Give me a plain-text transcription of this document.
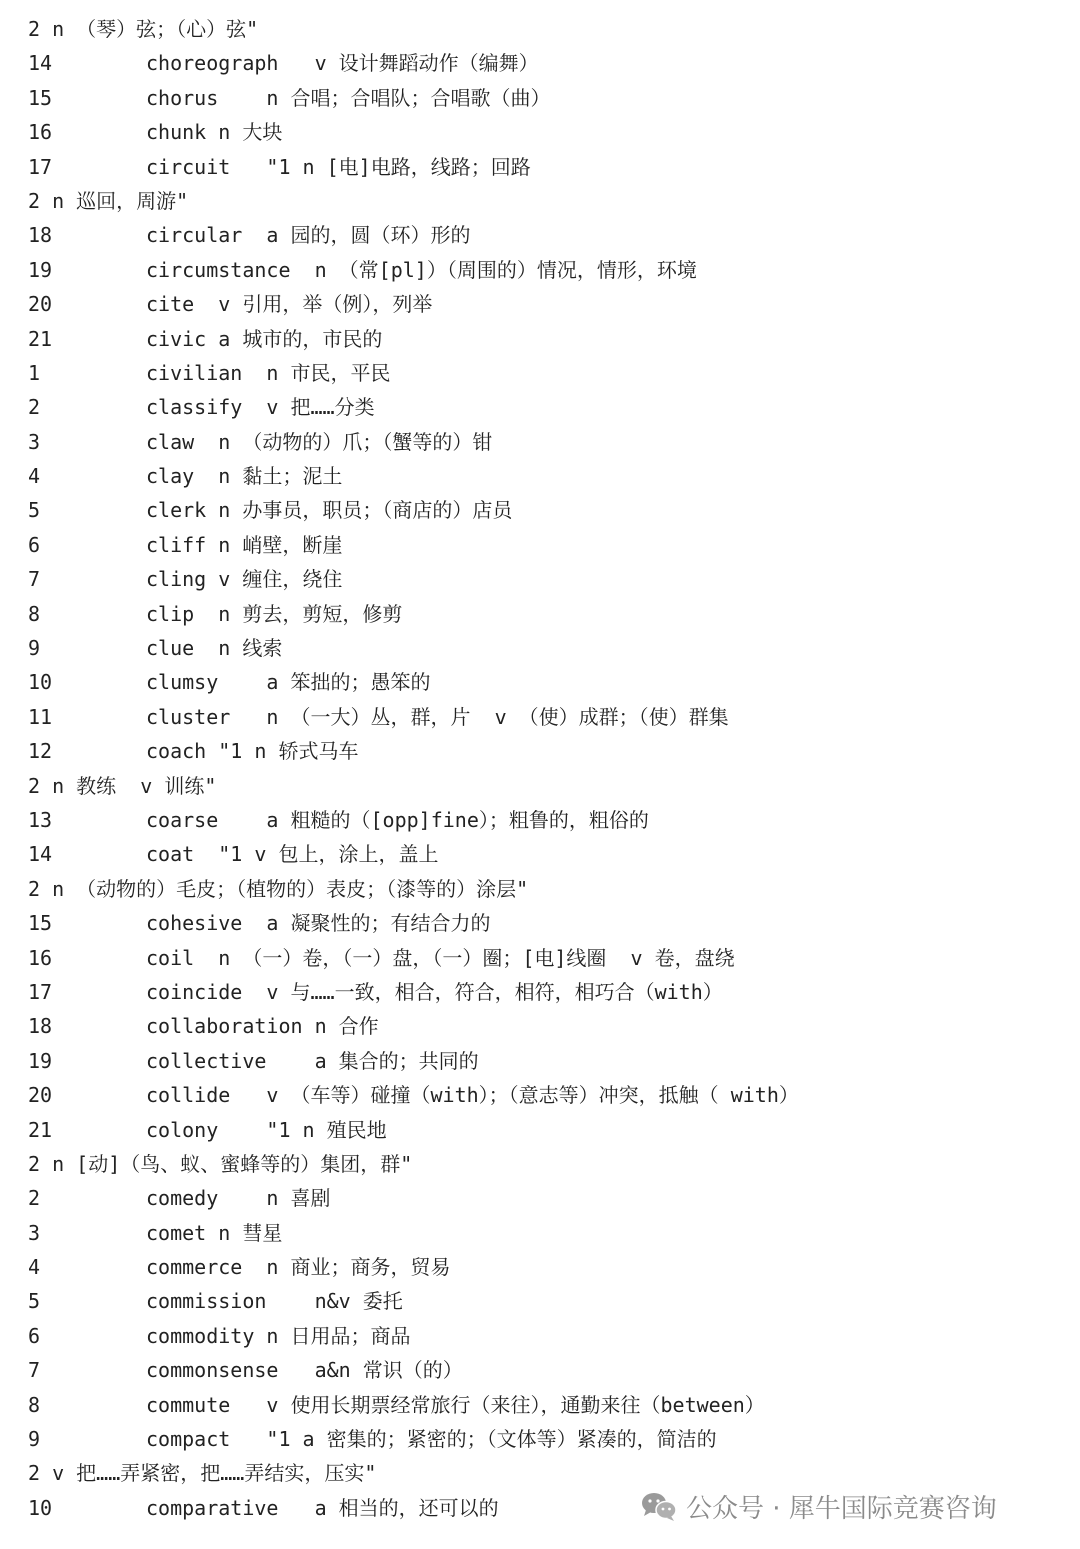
2 n （琴）弦；（心）弦"
14	choreograph   v 设计舞蹈动作（编舞）
15	chorus    n 合唱；合唱队；合唱歌（曲）
16	chunk n 大块
17	circuit   "1 n [电]电路，线路；回路
2 n 巡回，周游"
18	circular  a 园的，圆（环）形的
19	circumstance  n （常[pl]）（周围的）情况，情形，环境
20	cite  v 引用，举（例），列举
21	civic a 城市的，市民的
1	civilian  n 市民，平民
2	classify  v 把……分类
3	claw  n （动物的）爪；（蟹等的）钳
4	clay  n 黏土；泥土
5	clerk n 办事员，职员；（商店的）店员
6	cliff n 峭壁，断崖
7	cling v 缠住，绕住
8	clip  n 剪去，剪短，修剪
9	clue  n 线索
10	clumsy    a 笨拙的；愚笨的
11	cluster   n （一大）丛，群，片  v （使）成群；（使）群集
12	coach "1 n 轿式马车
2 n 教练  v 训练"
13	coarse    a 粗糙的（[opp]fine）；粗鲁的，粗俗的
14	coat  "1 v 包上，涂上，盖上
2 n （动物的）毛皮；（植物的）表皮；（漆等的）涂层"
15	cohesive  a 凝聚性的；有结合力的
16	coil  n （一）卷，（一）盘，（一）圈；[电]线圈  v 卷，盘绕
17	coincide  v 与……一致，相合，符合，相符，相巧合（with）
18	collaboration n 合作
19	collective    a 集合的；共同的
20	collide   v （车等）碰撞（with）；（意志等）冲突，抵触（ with）
21	colony    "1 n 殖民地
2 n [动]（鸟、蚁、蜜蜂等的）集团，群"
2	comedy    n 喜剧
3	comet n 彗星
4	commerce  n 商业；商务，贸易
5	commission    n&v 委托
6	commodity n 日用品；商品
7	commonsense   a&n 常识（的）
8	commute   v 使用长期票经常旅行（来往），通勤来往（between）
9	compact   "1 a 密集的；紧密的；（文体等）紧凑的，简洁的
2 v 把……弄紧密，把……弄结实，压实"
10	comparative   a 相当的，还可以的	公众号 · 犀牛国际竞赛咨询
